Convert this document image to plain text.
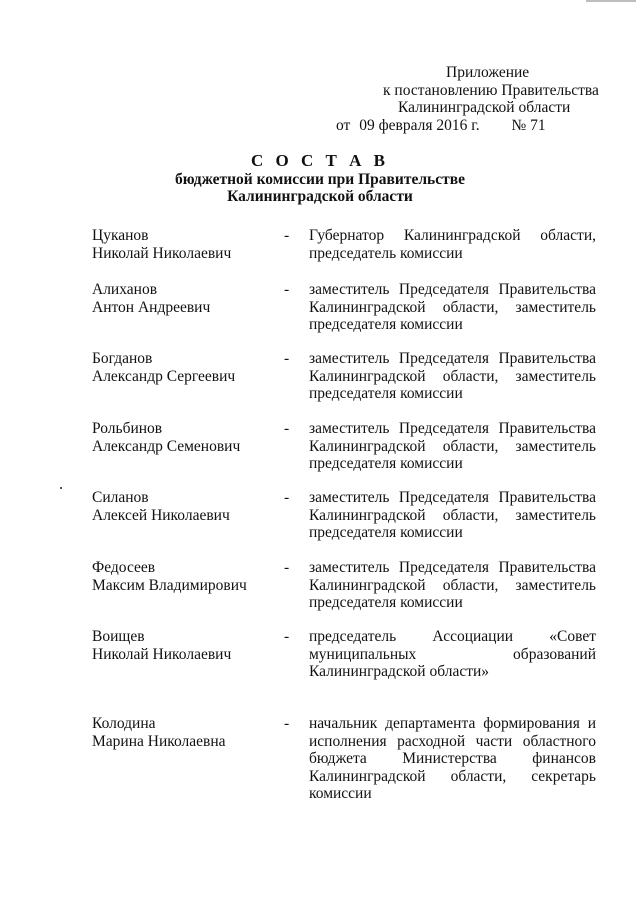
Приложение
к постановлению Правительства
Калининградской области
от 09 февраля 2016 г. № 71
С О С Т А В
бюджетной комиссии при Правительстве
Калининградской области
Цуканов
Николай Николаевич
- Губернатор Калининградской области,
председатель комиссии
Алиханов
Антон Андреевич
- заместитель Председателя Правительства
Калининградской области, заместитель
председателя комиссии
Богданов
Александр Сергеевич
- заместитель Председателя Правительства
Калининградской области, заместитель
председателя комиссии
Рольбинов
Александр Семенович
- заместитель Председателя Правительства
Калининградской области, заместитель
председателя комиссии
Силанов
Алексей Николаевич
- заместитель Председателя Правительства
Калининградской области, заместитель
председателя комиссии
Федосеев
Максим Владимирович
- заместитель Председателя Правительства
Калининградской области, заместитель
председателя комиссии
Воищев
Николай Николаевич
- председатель Ассоциации «Совет
муниципальных образований
Калининградской области»
Колодина
Марина Николаевна
- начальник департамента формирования и
исполнения расходной части областного
бюджета Министерства финансов
Калининградской области, секретарь
комиссии
